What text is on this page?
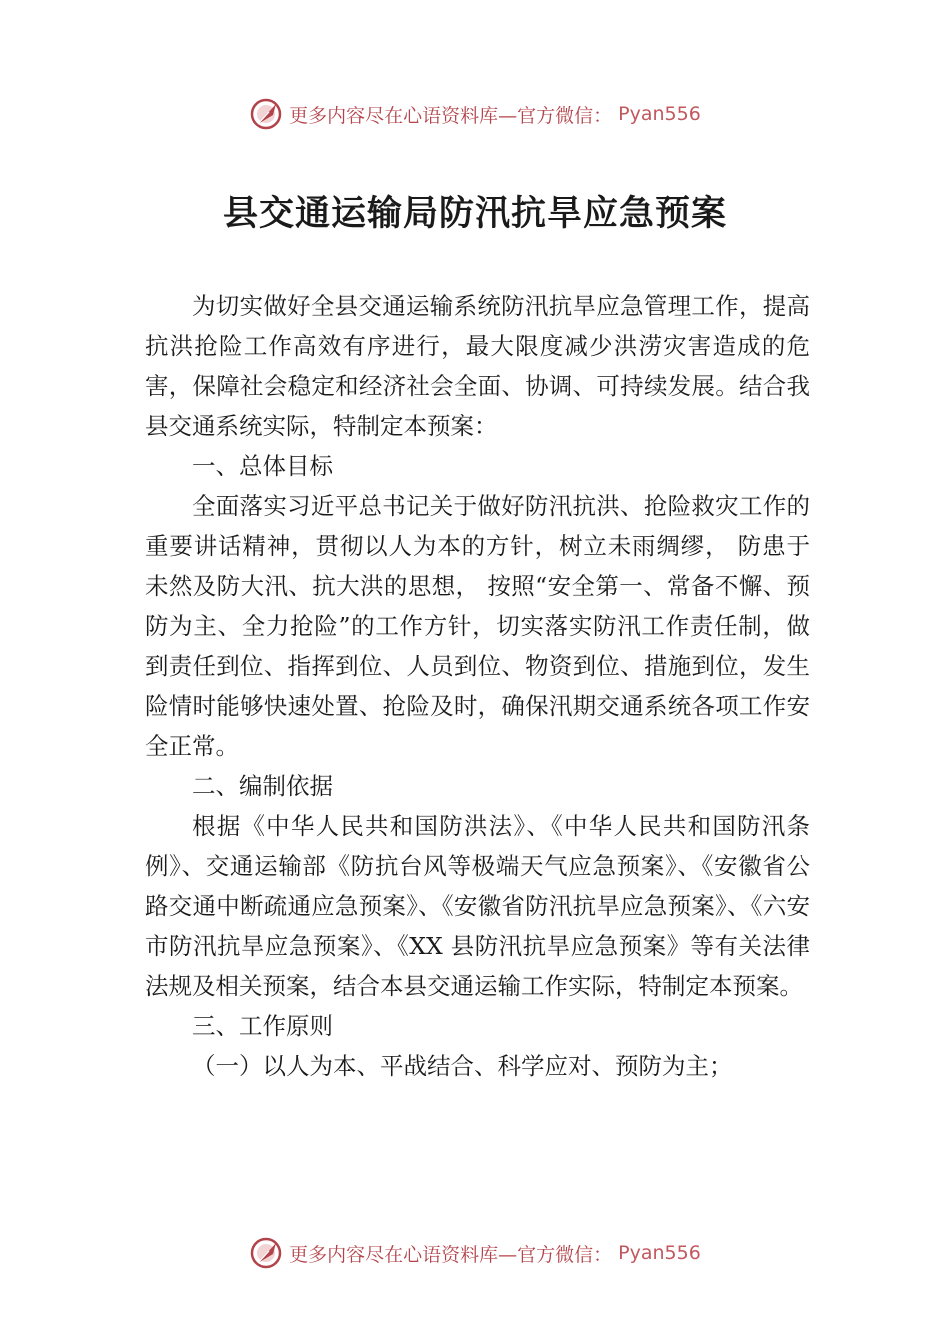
更多内容尽在心语资料库—官方微信： Pyan556
县交通运输局防汛抗旱应急预案

为切实做好全县交通运输系统防汛抗旱应急管理工作，提高抗洪抢险工作高效有序进行，最大限度减少洪涝灾害造成的危害，保障社会稳定和经济社会全面、协调、可持续发展。结合我县交通系统实际，特制定本预案：

一、总体目标

全面落实习近平总书记关于做好防汛抗洪、抢险救灾工作的重要讲话精神，贯彻以人为本的方针，树立未雨绸缪， 防患于未然及防大汛、抗大洪的思想， 按照“安全第一、常备不懈、预防为主、全力抢险”的工作方针，切实落实防汛工作责任制，做到责任到位、指挥到位、人员到位、物资到位、措施到位，发生险情时能够快速处置、抢险及时，确保汛期交通系统各项工作安全正常。

二、编制依据

根据《中华人民共和国防洪法》、《中华人民共和国防汛条例》、交通运输部《防抗台风等极端天气应急预案》、《安徽省公路交通中断疏通应急预案》、《安徽省防汛抗旱应急预案》、《六安市防汛抗旱应急预案》、《XX 县防汛抗旱应急预案》等有关法律法规及相关预案，结合本县交通运输工作实际，特制定本预案。

三、工作原则

（一）以人为本、平战结合、科学应对、预防为主；

更多内容尽在心语资料库—官方微信： Pyan556
